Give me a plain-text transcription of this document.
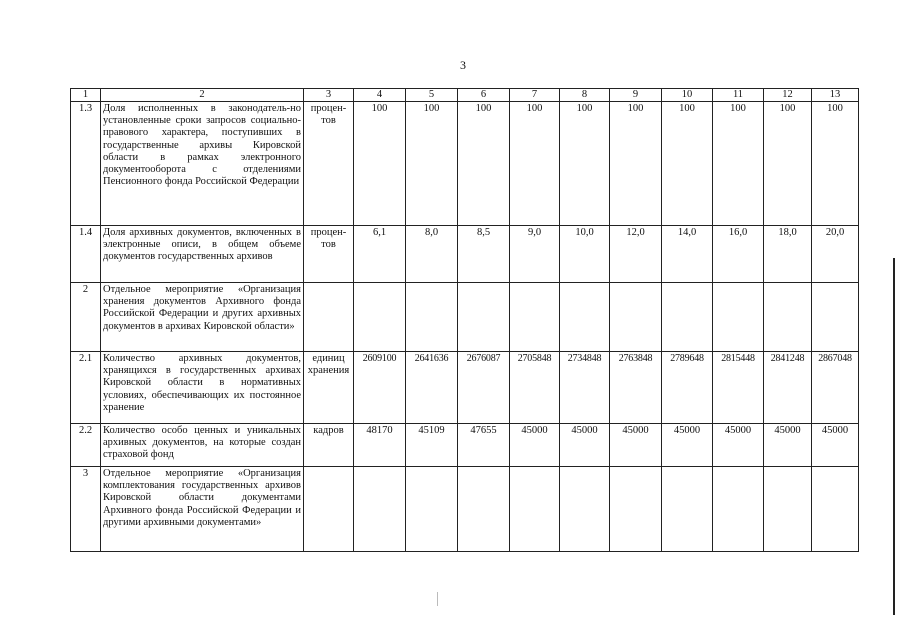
3
1	2	3	4	5	6	7	8	9	10	11	12	13
1.3	Доля исполненных в законодатель-но установленные сроки запросов социально-правового характера, поступивших в государственные архивы Кировской области в рамках электронного документооборота с отделениями Пенсионного фонда Российской Федерации	процен-тов	100	100	100	100	100	100	100	100	100	100
1.4	Доля архивных документов, включенных в электронные описи, в общем объеме документов государственных архивов	процен-тов	6,1	8,0	8,5	9,0	10,0	12,0	14,0	16,0	18,0	20,0
2	Отдельное мероприятие «Организация хранения документов Архивного фонда Российской Федерации и других архивных документов в архивах Кировской области»											
2.1	Количество архивных документов, хранящихся в государственных архивах Кировской области в нормативных условиях, обеспечивающих их постоянное хранение	единиц хранения	2609100	2641636	2676087	2705848	2734848	2763848	2789648	2815448	2841248	2867048
2.2	Количество особо ценных и уникальных архивных документов, на которые создан страховой фонд	кадров	48170	45109	47655	45000	45000	45000	45000	45000	45000	45000
3	Отдельное мероприятие «Организация комплектования государственных архивов Кировской области документами Архивного фонда Российской Федерации и другими архивными документами»											
